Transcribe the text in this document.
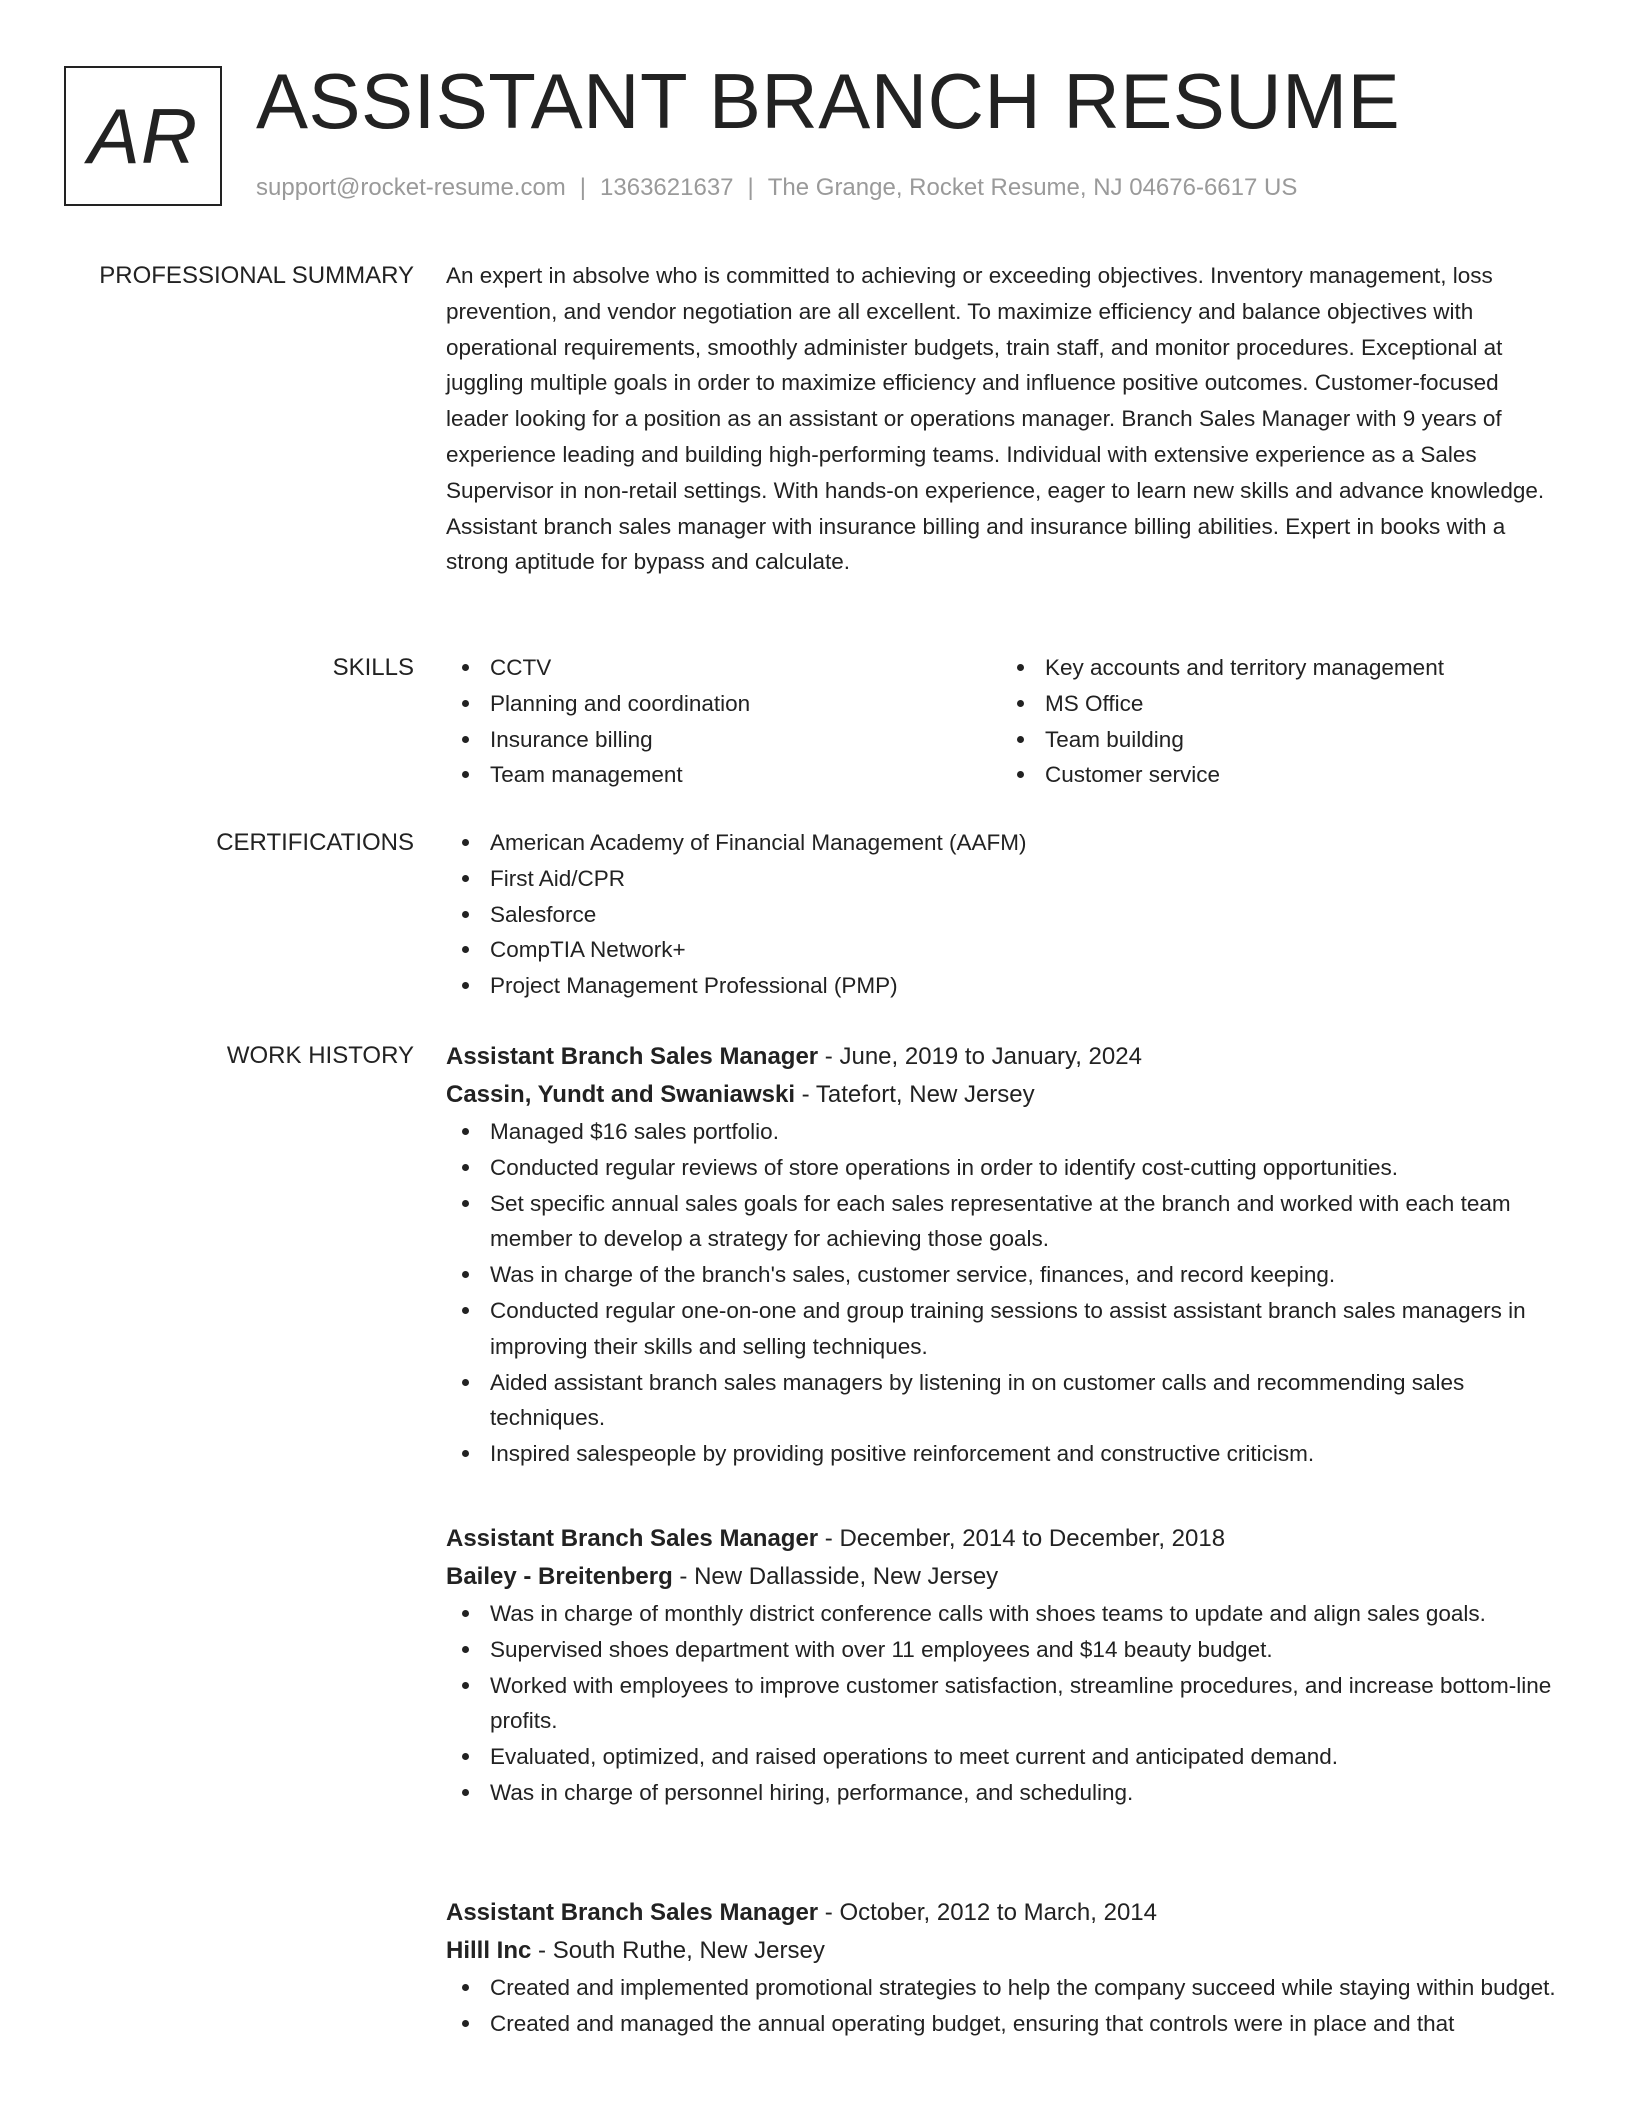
AR ASSISTANT BRANCH RESUME
support@rocket-resume.com | 1363621637 | The Grange, Rocket Resume, NJ 04676-6617 US
PROFESSIONAL SUMMARY An expert in absolve who is committed to achieving or exceeding objectives. Inventory management, loss prevention, and vendor negotiation are all excellent. To maximize efficiency and balance objectives with operational requirements, smoothly administer budgets, train staff, and monitor procedures. Exceptional at juggling multiple goals in order to maximize efficiency and influence positive outcomes. Customer-focused leader looking for a position as an assistant or operations manager. Branch Sales Manager with 9 years of experience leading and building high-performing teams. Individual with extensive experience as a Sales Supervisor in non-retail settings. With hands-on experience, eager to learn new skills and advance knowledge. Assistant branch sales manager with insurance billing and insurance billing abilities. Expert in books with a strong aptitude for bypass and calculate.

SKILLS	CCTV
Planning and coordination
Insurance billing
Team management
Key accounts and territory management
MS Office
Team building
Customer service
CERTIFICATIONS	American Academy of Financial Management (AAFM)
First Aid/CPR
Salesforce
CompTIA Network+
Project Management Professional (PMP)
WORK HISTORY Assistant Branch Sales Manager - June, 2019 to January, 2024
Cassin, Yundt and Swaniawski - Tatefort, New Jersey
Managed $16 sales portfolio.
Conducted regular reviews of store operations in order to identify cost-cutting opportunities.
Set specific annual sales goals for each sales representative at the branch and worked with each team member to develop a strategy for achieving those goals.
Was in charge of the branch's sales, customer service, finances, and record keeping.
Conducted regular one-on-one and group training sessions to assist assistant branch sales managers in improving their skills and selling techniques.
Aided assistant branch sales managers by listening in on customer calls and recommending sales techniques.
Inspired salespeople by providing positive reinforcement and constructive criticism.
Assistant Branch Sales Manager - December, 2014 to December, 2018
Bailey - Breitenberg - New Dallasside, New Jersey
Was in charge of monthly district conference calls with shoes teams to update and align sales goals.
Supervised shoes department with over 11 employees and $14 beauty budget.
Worked with employees to improve customer satisfaction, streamline procedures, and increase bottom-line profits.
Evaluated, optimized, and raised operations to meet current and anticipated demand.
Was in charge of personnel hiring, performance, and scheduling.
Assistant Branch Sales Manager - October, 2012 to March, 2014
Hilll Inc - South Ruthe, New Jersey
Created and implemented promotional strategies to help the company succeed while staying within budget.
Created and managed the annual operating budget, ensuring that controls were in place and that
